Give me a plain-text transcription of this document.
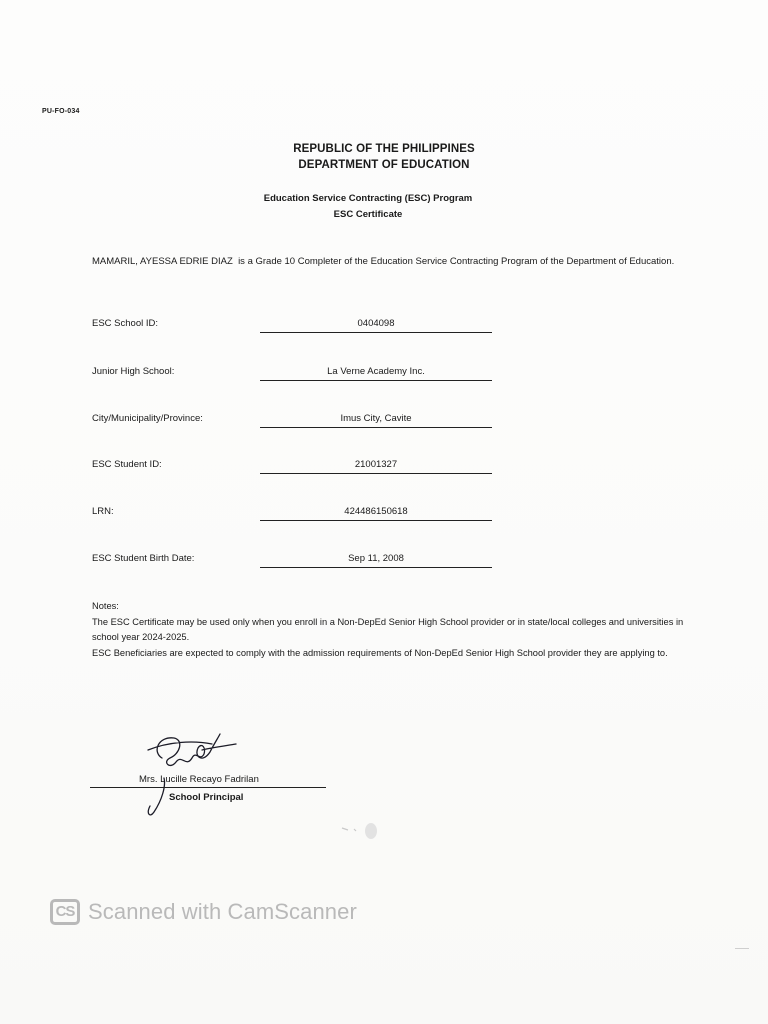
PU-FO-034
REPUBLIC OF THE PHILIPPINES
DEPARTMENT OF EDUCATION
Education Service Contracting (ESC) Program
ESC Certificate
MAMARIL, AYESSA EDRIE DIAZ is a Grade 10 Completer of the Education Service Contracting Program of the Department of Education.
ESC School ID:	0404098
Junior High School:	La Verne Academy Inc.
City/Municipality/Province:	Imus City, Cavite
ESC Student ID:	21001327
LRN:	424486150618
ESC Student Birth Date:	Sep 11, 2008
Notes:
The ESC Certificate may be used only when you enroll in a Non-DepEd Senior High School provider or in state/local colleges and universities in school year 2024-2025.
ESC Beneficiaries are expected to comply with the admission requirements of Non-DepEd Senior High School provider they are applying to.
Mrs. Lucille Recayo Fadrilan
School Principal
CS Scanned with CamScanner
